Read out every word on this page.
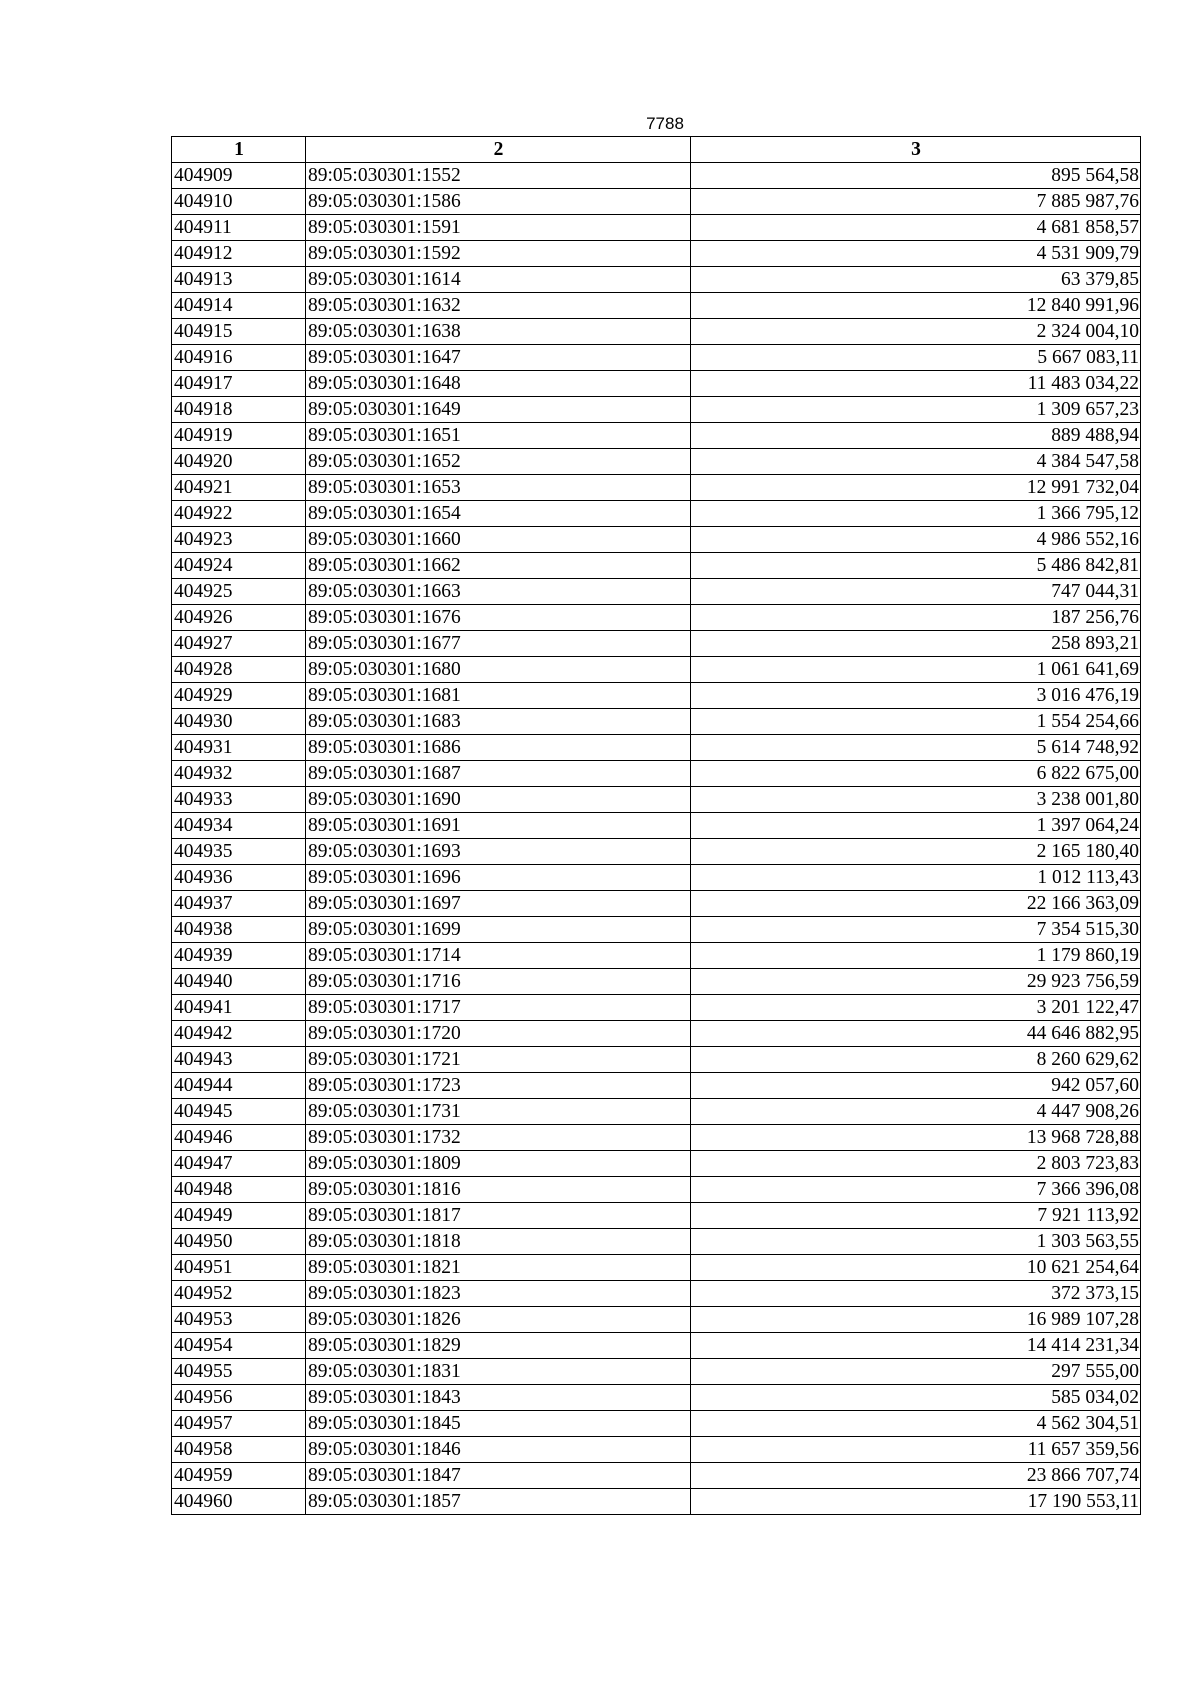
7788
1	2	3
404909	89:05:030301:1552	895 564,58
404910	89:05:030301:1586	7 885 987,76
404911	89:05:030301:1591	4 681 858,57
404912	89:05:030301:1592	4 531 909,79
404913	89:05:030301:1614	63 379,85
404914	89:05:030301:1632	12 840 991,96
404915	89:05:030301:1638	2 324 004,10
404916	89:05:030301:1647	5 667 083,11
404917	89:05:030301:1648	11 483 034,22
404918	89:05:030301:1649	1 309 657,23
404919	89:05:030301:1651	889 488,94
404920	89:05:030301:1652	4 384 547,58
404921	89:05:030301:1653	12 991 732,04
404922	89:05:030301:1654	1 366 795,12
404923	89:05:030301:1660	4 986 552,16
404924	89:05:030301:1662	5 486 842,81
404925	89:05:030301:1663	747 044,31
404926	89:05:030301:1676	187 256,76
404927	89:05:030301:1677	258 893,21
404928	89:05:030301:1680	1 061 641,69
404929	89:05:030301:1681	3 016 476,19
404930	89:05:030301:1683	1 554 254,66
404931	89:05:030301:1686	5 614 748,92
404932	89:05:030301:1687	6 822 675,00
404933	89:05:030301:1690	3 238 001,80
404934	89:05:030301:1691	1 397 064,24
404935	89:05:030301:1693	2 165 180,40
404936	89:05:030301:1696	1 012 113,43
404937	89:05:030301:1697	22 166 363,09
404938	89:05:030301:1699	7 354 515,30
404939	89:05:030301:1714	1 179 860,19
404940	89:05:030301:1716	29 923 756,59
404941	89:05:030301:1717	3 201 122,47
404942	89:05:030301:1720	44 646 882,95
404943	89:05:030301:1721	8 260 629,62
404944	89:05:030301:1723	942 057,60
404945	89:05:030301:1731	4 447 908,26
404946	89:05:030301:1732	13 968 728,88
404947	89:05:030301:1809	2 803 723,83
404948	89:05:030301:1816	7 366 396,08
404949	89:05:030301:1817	7 921 113,92
404950	89:05:030301:1818	1 303 563,55
404951	89:05:030301:1821	10 621 254,64
404952	89:05:030301:1823	372 373,15
404953	89:05:030301:1826	16 989 107,28
404954	89:05:030301:1829	14 414 231,34
404955	89:05:030301:1831	297 555,00
404956	89:05:030301:1843	585 034,02
404957	89:05:030301:1845	4 562 304,51
404958	89:05:030301:1846	11 657 359,56
404959	89:05:030301:1847	23 866 707,74
404960	89:05:030301:1857	17 190 553,11
